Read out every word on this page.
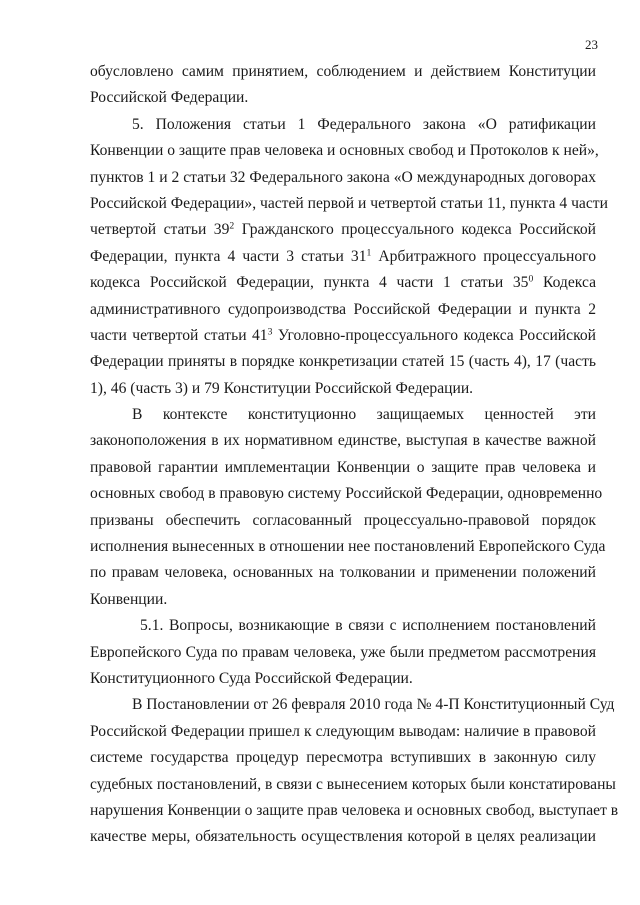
23
обусловлено самим принятием, соблюдением и действием Конституции
Российской Федерации.
5. Положения статьи 1 Федерального закона «О ратификации
Конвенции о защите прав человека и основных свобод и Протоколов к ней»,
пунктов 1 и 2 статьи 32 Федерального закона «О международных договорах
Российской Федерации», частей первой и четвертой статьи 11, пункта 4 части
четвертой статьи $39^2$ Гражданского процессуального кодекса Российской
Федерации, пункта 4 части 3 статьи $31^1$ Арбитражного процессуального
кодекса Российской Федерации, пункта 4 части 1 статьи $35^0$ Кодекса
административного судопроизводства Российской Федерации и пункта 2
части четвертой статьи $41^3$ Уголовно-процессуального кодекса Российской
Федерации приняты в порядке конкретизации статей 15 (часть 4), 17 (часть
1), 46 (часть 3) и 79 Конституции Российской Федерации.
В контексте конституционно защищаемых ценностей эти
законоположения в их нормативном единстве, выступая в качестве важной
правовой гарантии имплементации Конвенции о защите прав человека и
основных свобод в правовую систему Российской Федерации, одновременно
призваны обеспечить согласованный процессуально-правовой порядок
исполнения вынесенных в отношении нее постановлений Европейского Суда
по правам человека, основанных на толковании и применении положений
Конвенции.
5.1. Вопросы, возникающие в связи с исполнением постановлений
Европейского Суда по правам человека, уже были предметом рассмотрения
Конституционного Суда Российской Федерации.
В Постановлении от 26 февраля 2010 года № 4-П Конституционный Суд
Российской Федерации пришел к следующим выводам: наличие в правовой
системе государства процедур пересмотра вступивших в законную силу
судебных постановлений, в связи с вынесением которых были констатированы
нарушения Конвенции о защите прав человека и основных свобод, выступает в
качестве меры, обязательность осуществления которой в целях реализации
